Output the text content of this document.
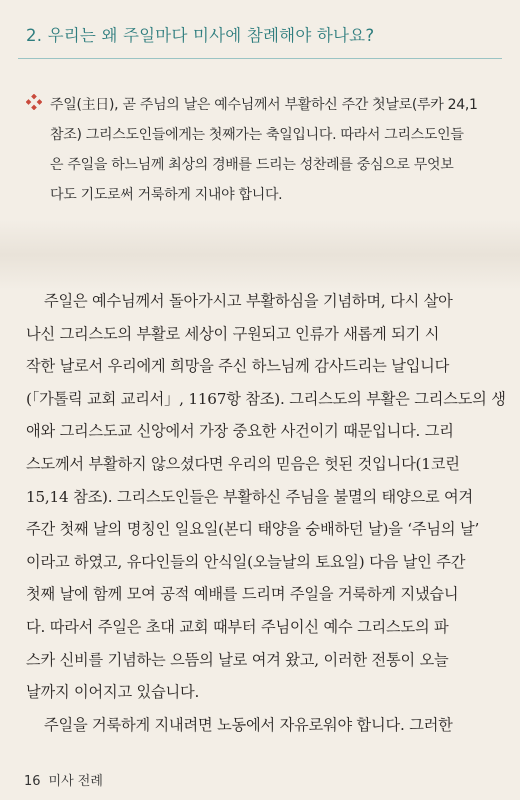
2. 우리는 왜 주일마다 미사에 참례해야 하나요?
주일(主日), 곧 주님의 날은 예수님께서 부활하신 주간 첫날로(루카 24,1
참조) 그리스도인들에게는 첫째가는 축일입니다. 따라서 그리스도인들
은 주일을 하느님께 최상의 경배를 드리는 성찬례를 중심으로 무엇보
다도 기도로써 거룩하게 지내야 합니다.
주일은 예수님께서 돌아가시고 부활하심을 기념하며, 다시 살아
나신 그리스도의 부활로 세상이 구원되고 인류가 새롭게 되기 시
작한 날로서 우리에게 희망을 주신 하느님께 감사드리는 날입니다
(「가톨릭 교회 교리서」, 1167항 참조). 그리스도의 부활은 그리스도의 생
애와 그리스도교 신앙에서 가장 중요한 사건이기 때문입니다. 그리
스도께서 부활하지 않으셨다면 우리의 믿음은 헛된 것입니다(1코린
15,14 참조). 그리스도인들은 부활하신 주님을 불멸의 태양으로 여겨
주간 첫째 날의 명칭인 일요일(본디 태양을 숭배하던 날)을 ‘주님의 날’
이라고 하였고, 유다인들의 안식일(오늘날의 토요일) 다음 날인 주간
첫째 날에 함께 모여 공적 예배를 드리며 주일을 거룩하게 지냈습니
다. 따라서 주일은 초대 교회 때부터 주님이신 예수 그리스도의 파
스카 신비를 기념하는 으뜸의 날로 여겨 왔고, 이러한 전통이 오늘
날까지 이어지고 있습니다.
주일을 거룩하게 지내려면 노동에서 자유로워야 합니다. 그러한
16 미사 전례
